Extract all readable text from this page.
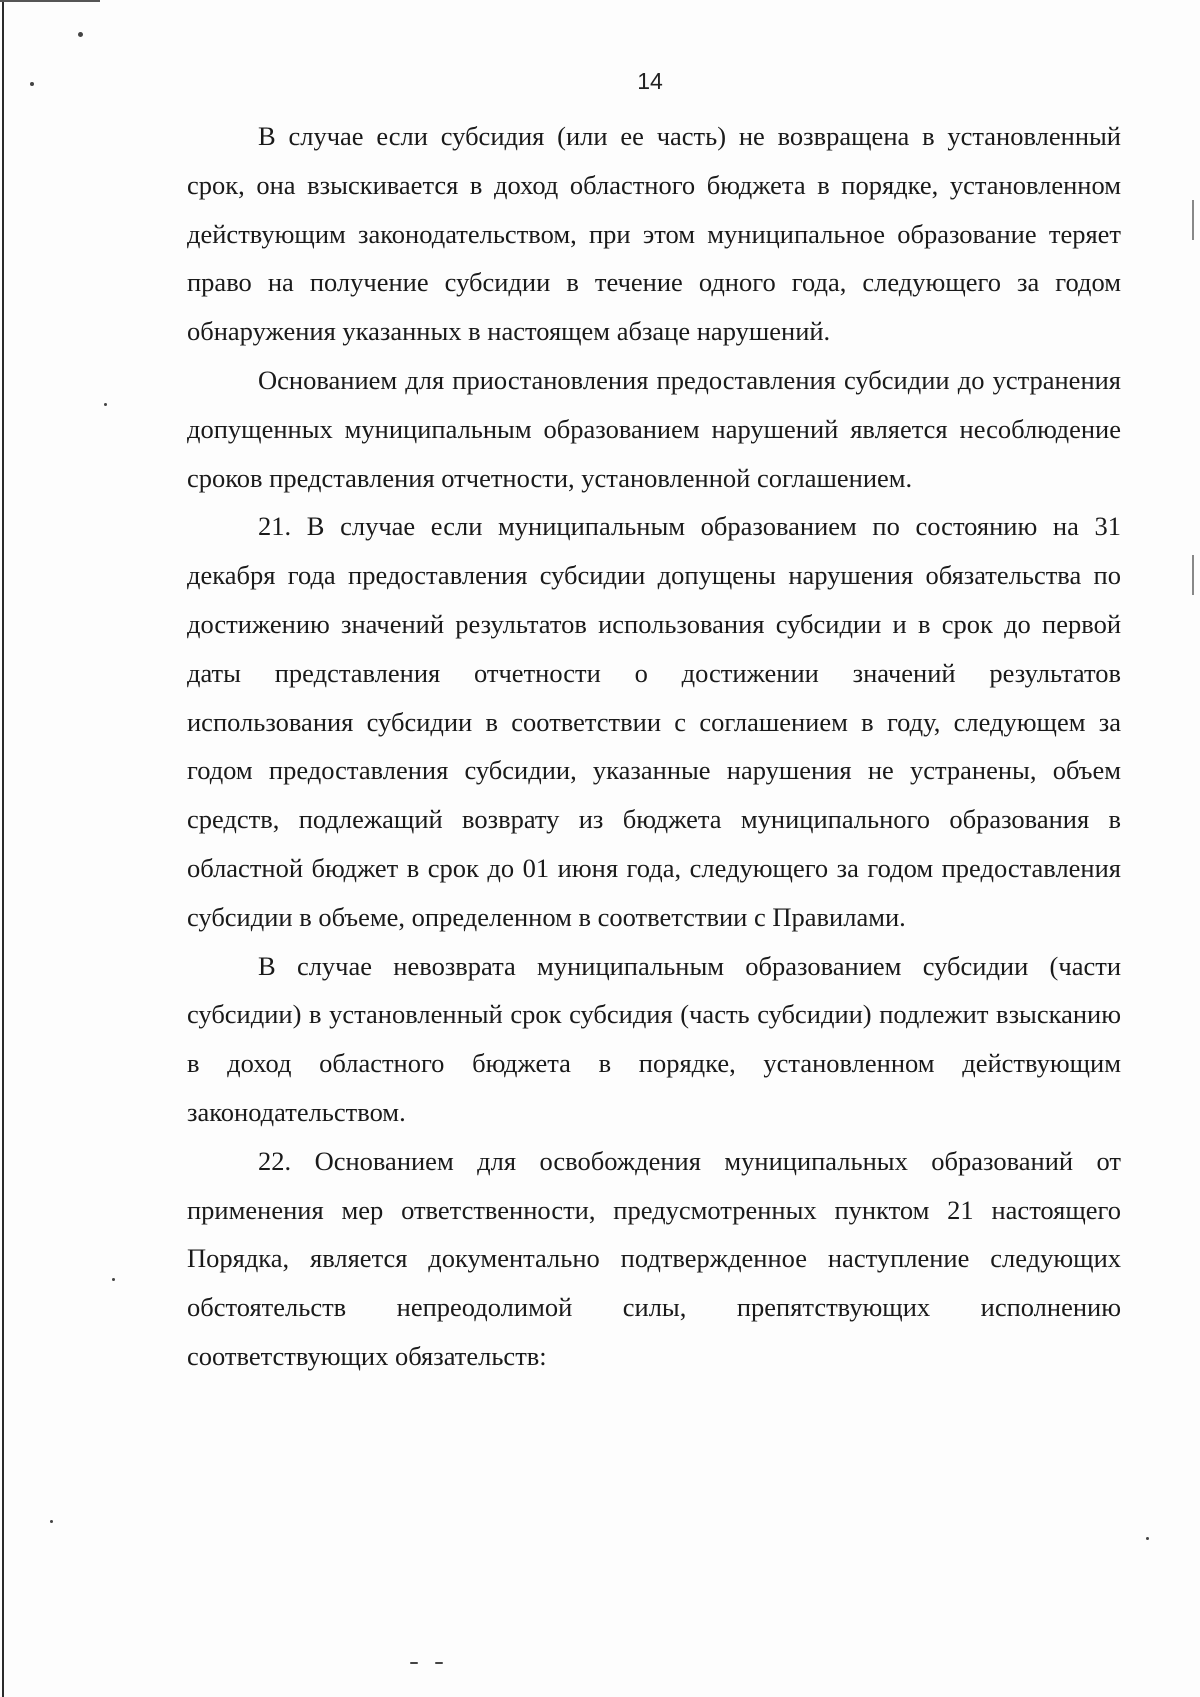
14

В случае если субсидия (или ее часть) не возвращена в установленный срок, она взыскивается в доход областного бюджета в порядке, установленном действующим законодательством, при этом муниципальное образование теряет право на получение субсидии в течение одного года, следующего за годом обнаружения указанных в настоящем абзаце нарушений.

Основанием для приостановления предоставления субсидии до устранения допущенных муниципальным образованием нарушений является несоблюдение сроков представления отчетности, установленной соглашением.

21. В случае если муниципальным образованием по состоянию на 31 декабря года предоставления субсидии допущены нарушения обязательства по достижению значений результатов использования субсидии и в срок до первой даты представления отчетности о достижении значений результатов использования субсидии в соответствии с соглашением в году, следующем за годом предоставления субсидии, указанные нарушения не устранены, объем средств, подлежащий возврату из бюджета муниципального образования в областной бюджет в срок до 01 июня года, следующего за годом предоставления субсидии в объеме, определенном в соответствии с Правилами.

В случае невозврата муниципальным образованием субсидии (части субсидии) в установленный срок субсидия (часть субсидии) подлежит взысканию в доход областного бюджета в порядке, установленном действующим законодательством.

22. Основанием для освобождения муниципальных образований от применения мер ответственности, предусмотренных пунктом 21 настоящего Порядка, является документально подтвержденное наступление следующих обстоятельств непреодолимой силы, препятствующих исполнению соответствующих обязательств:
